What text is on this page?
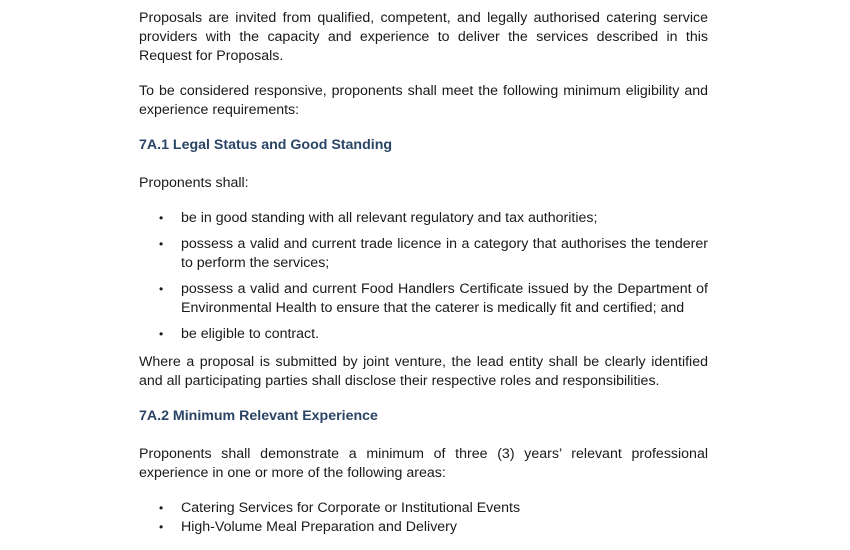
Proposals are invited from qualified, competent, and legally authorised catering service providers with the capacity and experience to deliver the services described in this Request for Proposals.

To be considered responsive, proponents shall meet the following minimum eligibility and experience requirements:

7A.1 Legal Status and Good Standing

Proponents shall:

• be in good standing with all relevant regulatory and tax authorities;
• possess a valid and current trade licence in a category that authorises the tenderer to perform the services;
• possess a valid and current Food Handlers Certificate issued by the Department of Environmental Health to ensure that the caterer is medically fit and certified; and
• be eligible to contract.

Where a proposal is submitted by joint venture, the lead entity shall be clearly identified and all participating parties shall disclose their respective roles and responsibilities.

7A.2 Minimum Relevant Experience

Proponents shall demonstrate a minimum of three (3) years’ relevant professional experience in one or more of the following areas:

• Catering Services for Corporate or Institutional Events
• High-Volume Meal Preparation and Delivery
